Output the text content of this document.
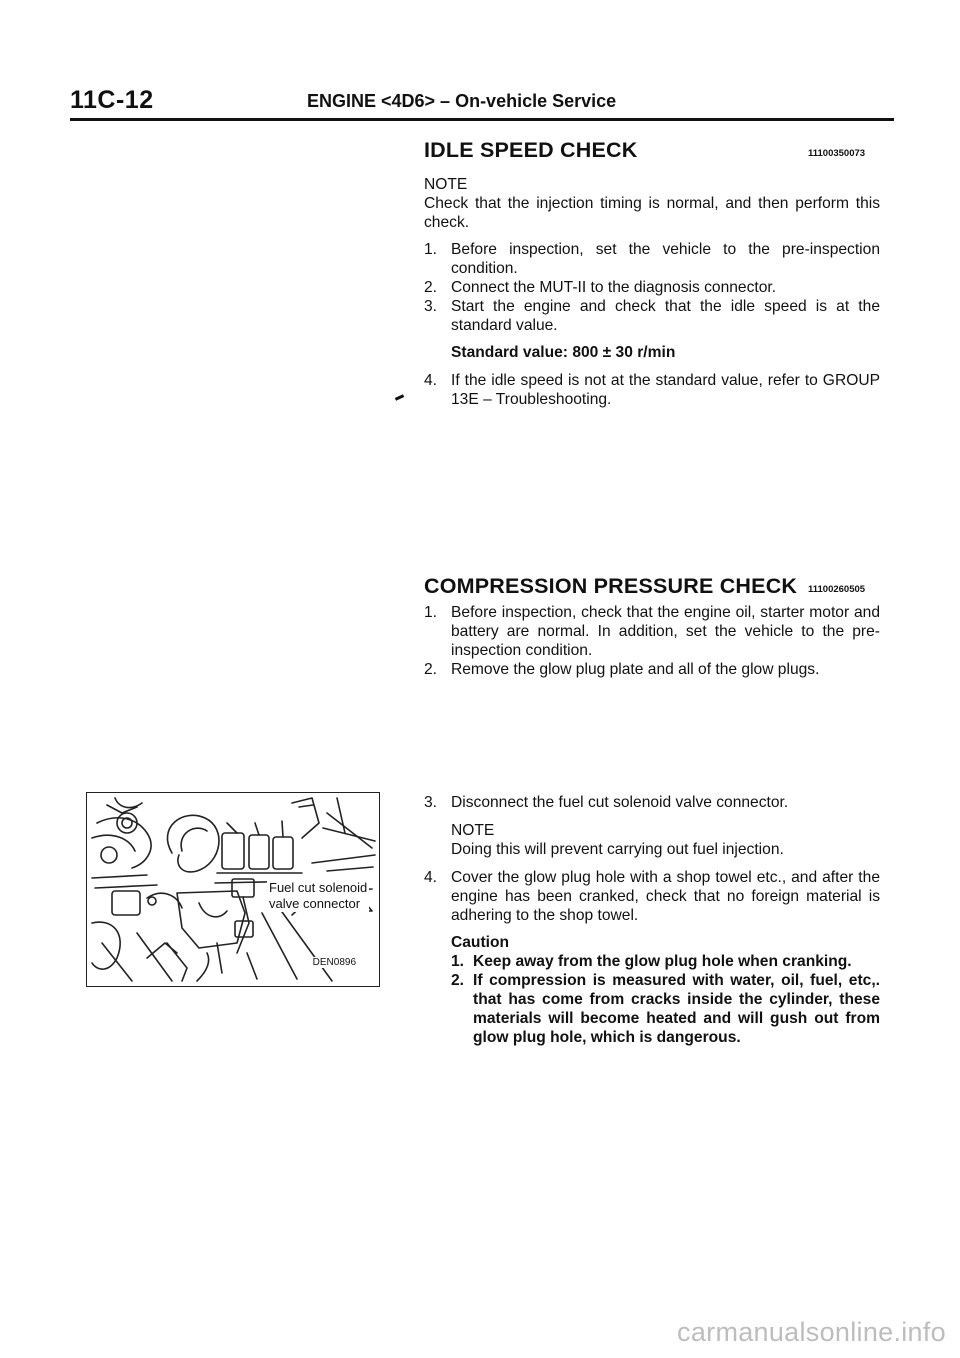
11C-12	ENGINE <4D6> – On-vehicle Service
IDLE SPEED CHECK	11100350073
NOTE

Check that the injection timing is normal, and then perform this check.

1. Before inspection, set the vehicle to the pre-inspection condition.
2. Connect the MUT-II to the diagnosis connector.
3. Start the engine and check that the idle speed is at the standard value.
Standard value: 800 ± 30 r/min
4. If the idle speed is not at the standard value, refer to GROUP 13E – Troubleshooting.
COMPRESSION PRESSURE CHECK 11100260505
1. Before inspection, check that the engine oil, starter motor and battery are normal. In addition, set the vehicle to the pre-inspection condition.
2. Remove the glow plug plate and all of the glow plugs.
3. Disconnect the fuel cut solenoid valve connector.
NOTE
Doing this will prevent carrying out fuel injection.
4. Cover the glow plug hole with a shop towel etc., and after the engine has been cranked, check that no foreign material is adhering to the shop towel.
Caution
1. Keep away from the glow plug hole when cranking.
2. If compression is measured with water, oil, fuel, etc,. that has come from cracks inside the cylinder, these materials will become heated and will gush out from glow plug hole, which is dangerous.
Fuel cut solenoid
valve connector
DEN0896
carmanualsonline.info
